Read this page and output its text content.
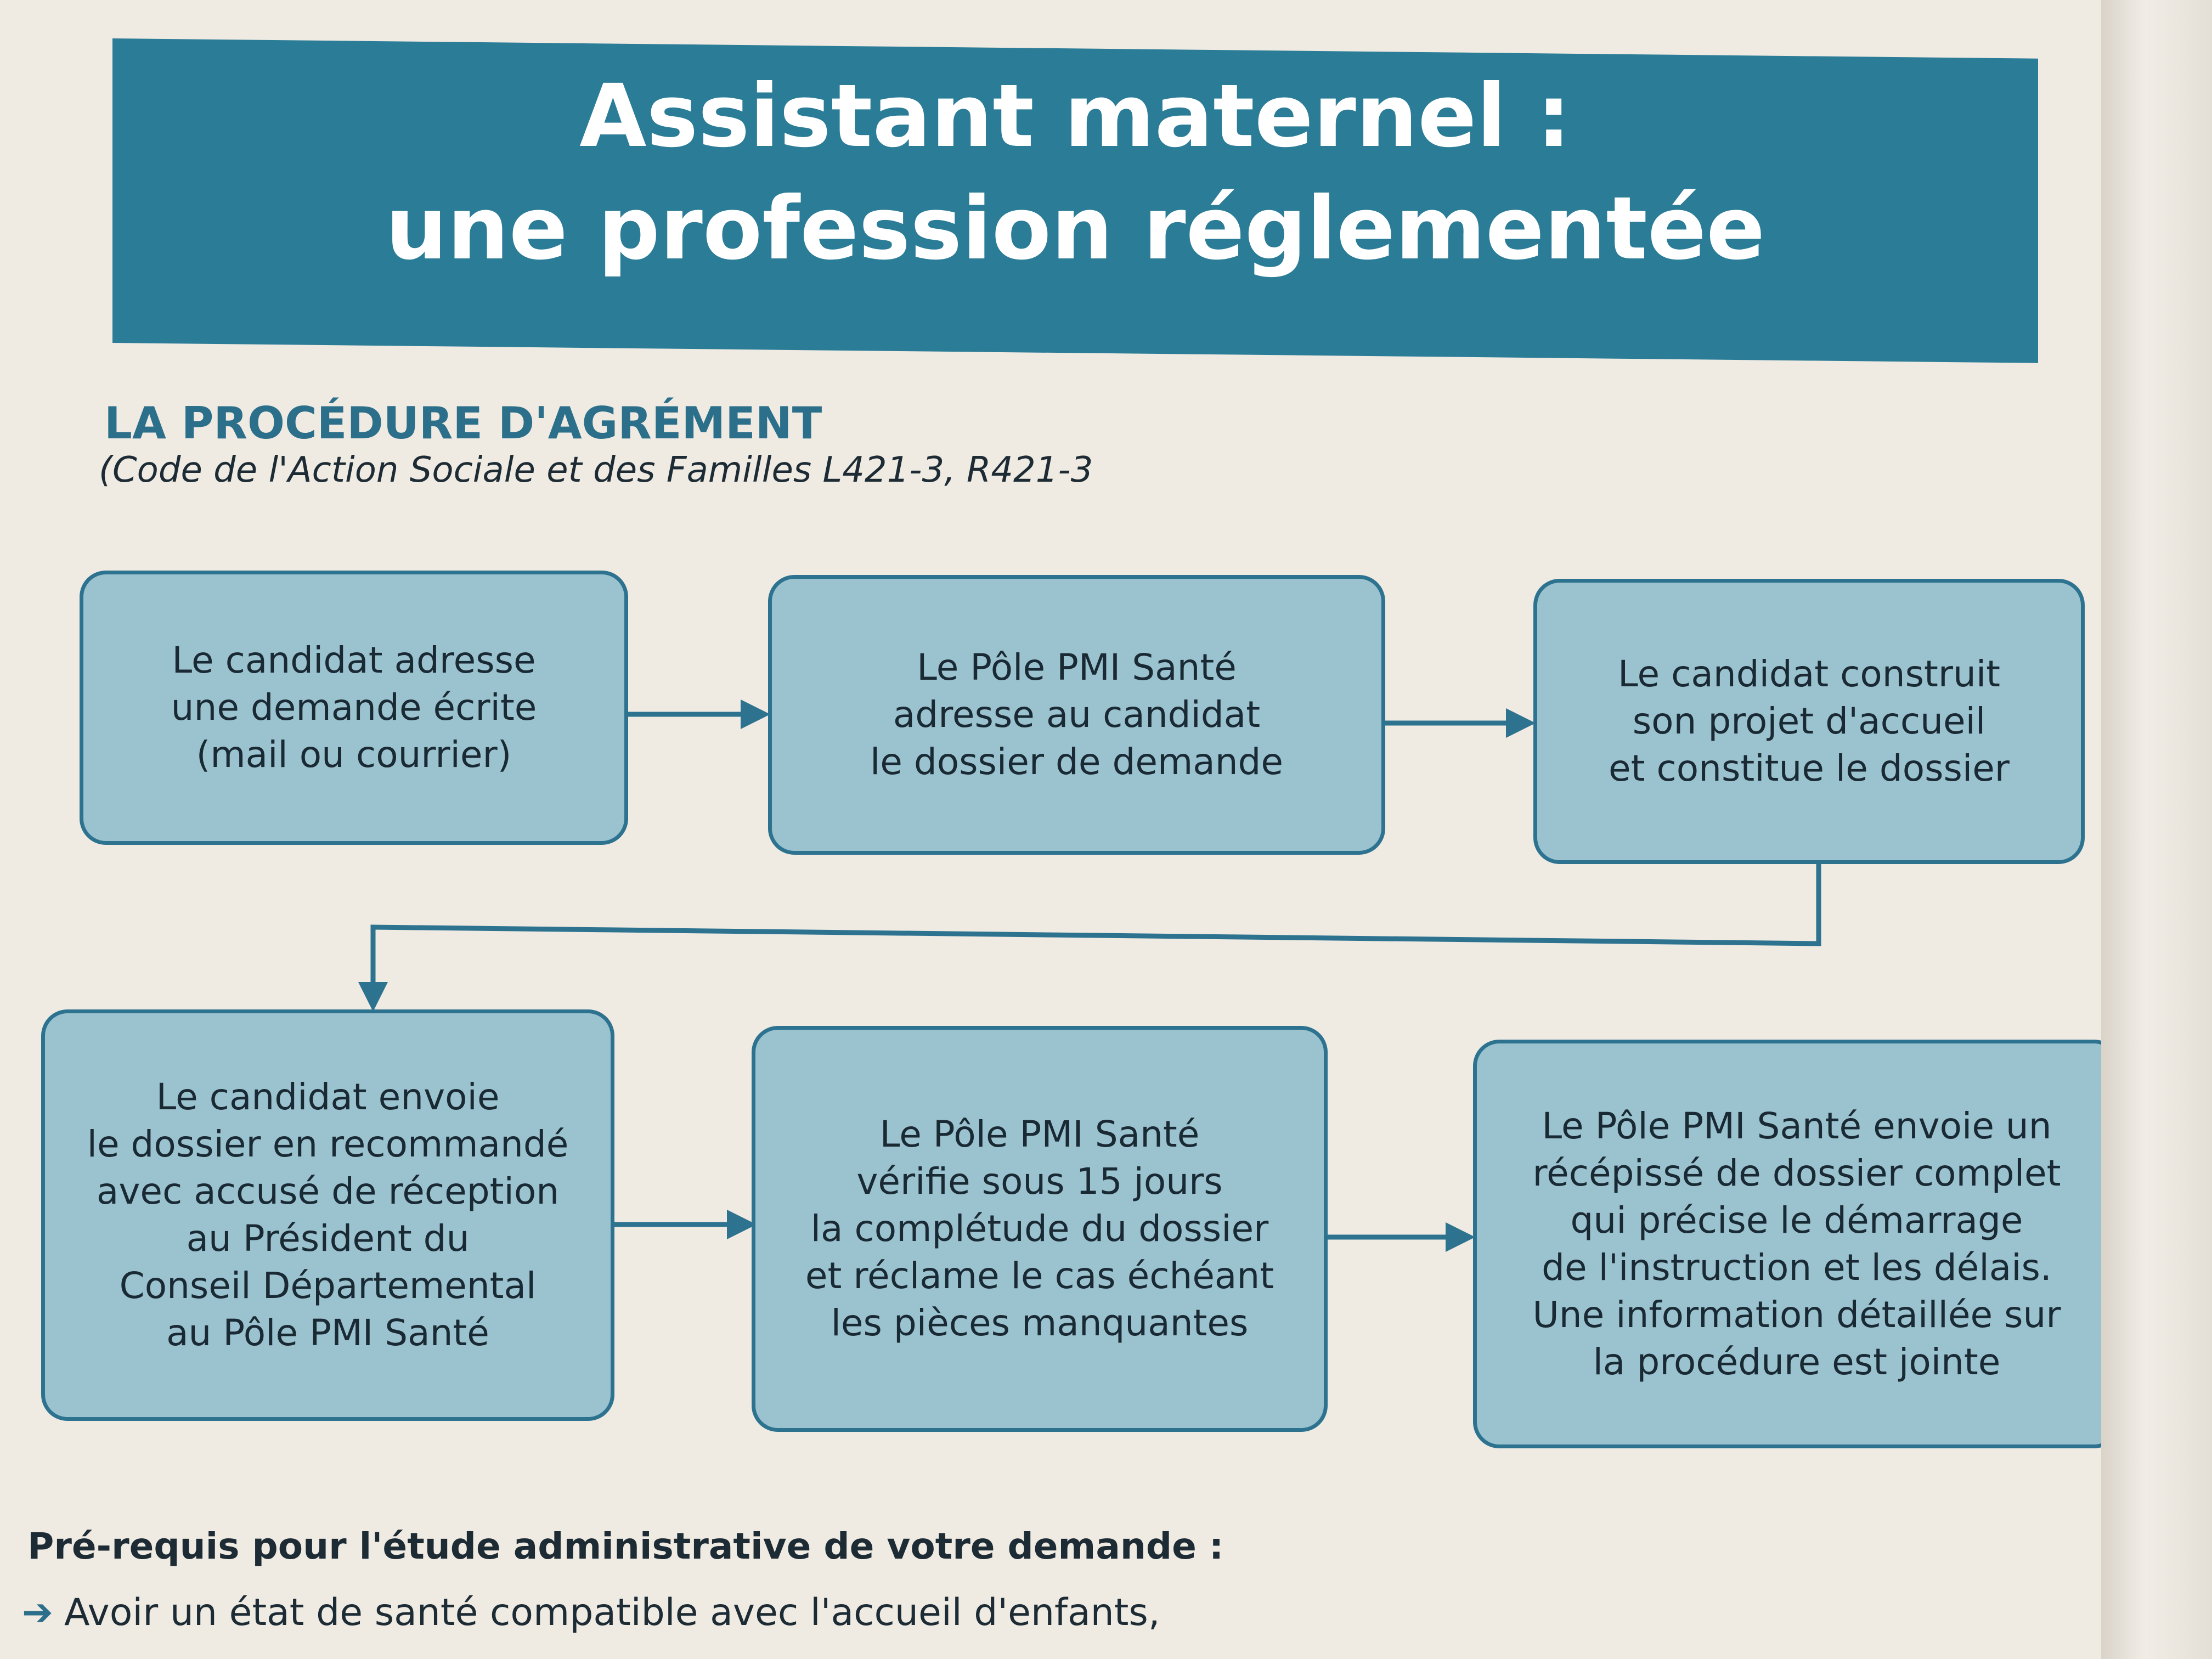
Assistant maternel :
une profession réglementée
LA PROCÉDURE D'AGRÉMENT
(Code de l'Action Sociale et des Familles L421-3, R421-3
Le candidat adresse
une demande écrite
(mail ou courrier)
Le Pôle PMI Santé
adresse au candidat
le dossier de demande
Le candidat construit
son projet d'accueil
et constitue le dossier
Le candidat envoie
le dossier en recommandé
avec accusé de réception
au Président du
Conseil Départemental
au Pôle PMI Santé
Le Pôle PMI Santé
vérifie sous 15 jours
la complétude du dossier
et réclame le cas échéant
les pièces manquantes
Le Pôle PMI Santé envoie un
récépissé de dossier complet
qui précise le démarrage
de l'instruction et les délais.
Une information détaillée sur
la procédure est jointe
Pré-requis pour l'étude administrative de votre demande :
➔ Avoir un état de santé compatible avec l'accueil d'enfants,
